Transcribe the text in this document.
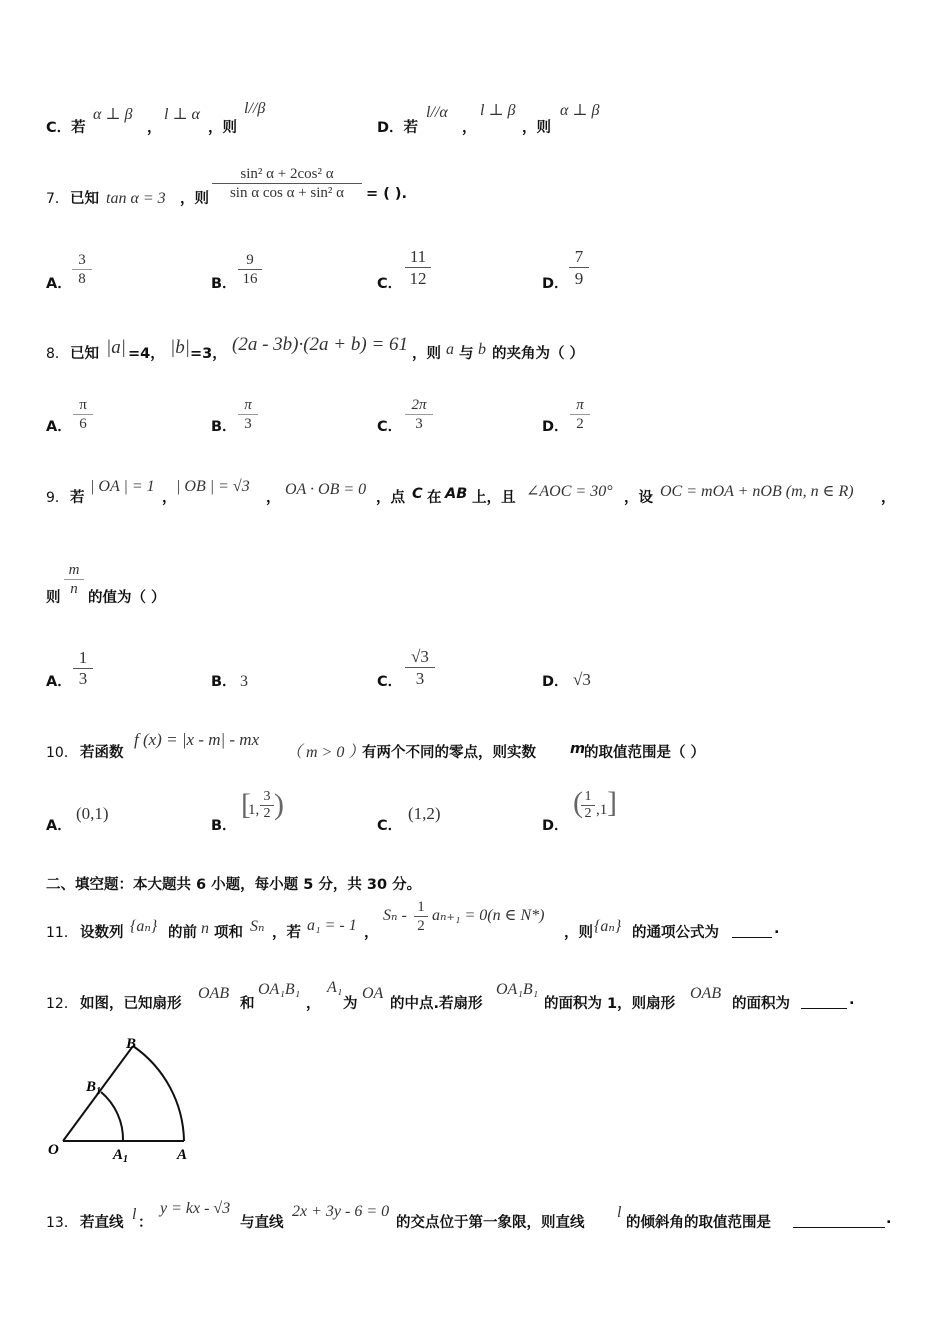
C．若
α ⊥ β
，
l ⊥ α
，则
l//β
D．若
l//α
，
l ⊥ β
，则
α ⊥ β
7． 已知 tan α = 3 ，则 $\frac{\text{sin² α + 2cos² α}}{\text{sin α cos α + sin² α}}$ = ( ).
A． $\frac{3}{8}$	B． $\frac{9}{16}$	C． $\frac{11}{12}$	D． $\frac{7}{9}$
8． 已知 |a| =4， |b| =3， (2a - 3b)·(2a + b) = 61 ，则 a 与 b 的夹角为（ ）
A． $\frac{\pi}{6}$	B． $\frac{\pi}{3}$	C． $\frac{2\pi}{3}$	D． $\frac{\pi}{2}$
9． 若
| OA | = 1
，
| OB | = √3
， OA · OB = 0 ，点 C 在 AB 上，且 ∠AOC = 30° ，设 OC = mOA + nOB (m, n ∈ R) ，
则 $\frac{m}{n}$ 的值为（ ）
A． $\frac{1}{3}$	B． 3	C． $\frac{√3}{3}$	D． √3
10． 若函数
f (x) = |x - m| - mx
（ m > 0 ）
有两个不同的零点，则实数 m
的取值范围是（ ）
A．
(0,1)
B．
[
1, $\frac{3}{2}$ )
C．
(1,2)
D．
(
$\frac{1}{2} ,1$ ]
二、填空题：本大题共 6 小题，每小题 5 分，共 30 分。
11． 设数列 {aₙ} 的前 n 项和 Sₙ ，若 a₁ = - 1 ，
$S_n - \frac{1}{2} a_{n+1} = 0(n$ ∈ N*)
，则 {aₙ} 的通项公式为	.
12． 如图，已知扇形
OAB
和
OA₁B₁
，
A₁
为
OA
的中点.若扇形
OA₁B₁
的面积为 1，则扇形
OAB
的面积为	.
O	A
B
$A_1$
$B_1$
13． 若直线 l ：
y = kx - √3
与直线
2x + 3y - 6 = 0
的交点位于第一象限，则直线
l
的倾斜角的取值范围是	.
